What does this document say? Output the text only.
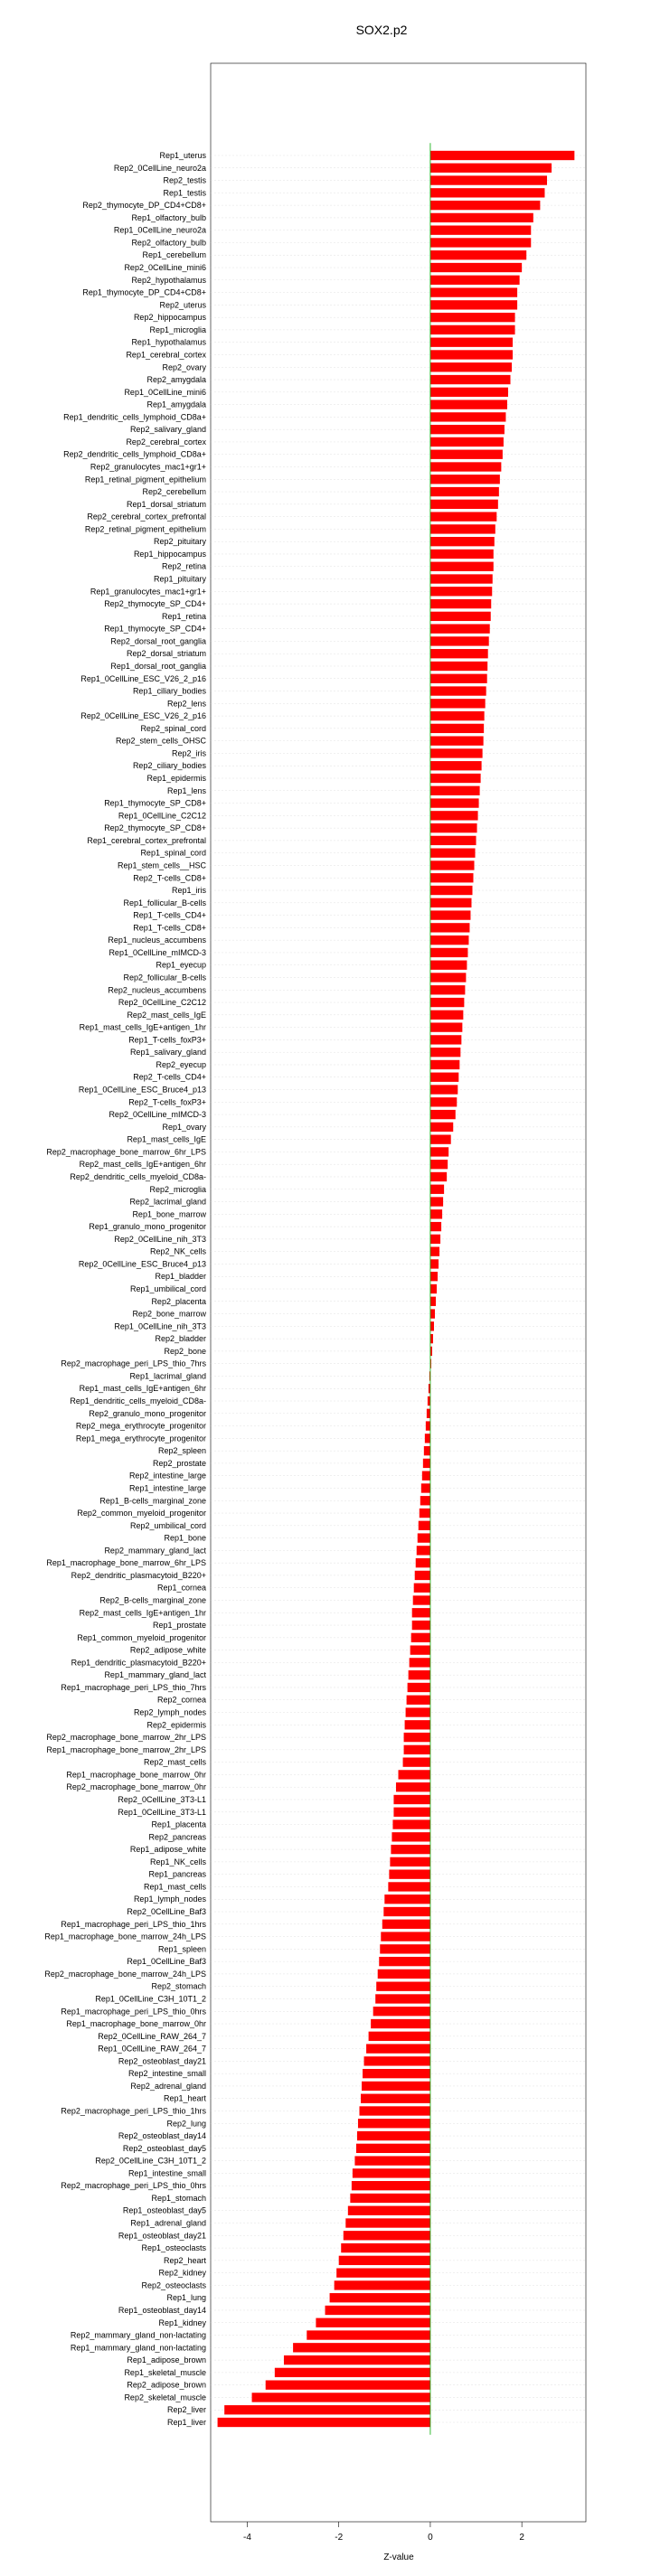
SOX2.p2
Rep1_uterus
Rep2_0CellLine_neuro2a
Rep2_testis
Rep1_testis
Rep2_thymocyte_DP_CD4+CD8+
Rep1_olfactory_bulb
Rep1_0CellLine_neuro2a
Rep2_olfactory_bulb
Rep1_cerebellum
Rep2_0CellLine_mini6
Rep2_hypothalamus
Rep1_thymocyte_DP_CD4+CD8+
Rep2_uterus
Rep2_hippocampus
Rep1_microglia
Rep1_hypothalamus
Rep1_cerebral_cortex
Rep2_ovary
Rep2_amygdala
Rep1_0CellLine_mini6
Rep1_amygdala
Rep1_dendritic_cells_lymphoid_CD8a+
Rep2_salivary_gland
Rep2_cerebral_cortex
Rep2_dendritic_cells_lymphoid_CD8a+
Rep2_granulocytes_mac1+gr1+
Rep1_retinal_pigment_epithelium
Rep2_cerebellum
Rep1_dorsal_striatum
Rep2_cerebral_cortex_prefrontal
Rep2_retinal_pigment_epithelium
Rep2_pituitary
Rep1_hippocampus
Rep2_retina
Rep1_pituitary
Rep1_granulocytes_mac1+gr1+
Rep2_thymocyte_SP_CD4+
Rep1_retina
Rep1_thymocyte_SP_CD4+
Rep2_dorsal_root_ganglia
Rep2_dorsal_striatum
Rep1_dorsal_root_ganglia
Rep1_0CellLine_ESC_V26_2_p16
Rep1_ciliary_bodies
Rep2_lens
Rep2_0CellLine_ESC_V26_2_p16
Rep2_spinal_cord
Rep2_stem_cells_OHSC
Rep2_iris
Rep2_ciliary_bodies
Rep1_epidermis
Rep1_lens
Rep1_thymocyte_SP_CD8+
Rep1_0CellLine_C2C12
Rep2_thymocyte_SP_CD8+
Rep1_cerebral_cortex_prefrontal
Rep1_spinal_cord
Rep1_stem_cells__HSC
Rep2_T-cells_CD8+
Rep1_iris
Rep1_follicular_B-cells
Rep1_T-cells_CD4+
Rep1_T-cells_CD8+
Rep1_nucleus_accumbens
Rep1_0CellLine_mIMCD-3
Rep1_eyecup
Rep2_follicular_B-cells
Rep2_nucleus_accumbens
Rep2_0CellLine_C2C12
Rep2_mast_cells_IgE
Rep1_mast_cells_IgE+antigen_1hr
Rep1_T-cells_foxP3+
Rep1_salivary_gland
Rep2_eyecup
Rep2_T-cells_CD4+
Rep1_0CellLine_ESC_Bruce4_p13
Rep2_T-cells_foxP3+
Rep2_0CellLine_mIMCD-3
Rep1_ovary
Rep1_mast_cells_IgE
Rep2_macrophage_bone_marrow_6hr_LPS
Rep2_mast_cells_IgE+antigen_6hr
Rep2_dendritic_cells_myeloid_CD8a-
Rep2_microglia
Rep2_lacrimal_gland
Rep1_bone_marrow
Rep1_granulo_mono_progenitor
Rep2_0CellLine_nih_3T3
Rep2_NK_cells
Rep2_0CellLine_ESC_Bruce4_p13
Rep1_bladder
Rep1_umbilical_cord
Rep2_placenta
Rep2_bone_marrow
Rep1_0CellLine_nih_3T3
Rep2_bladder
Rep2_bone
Rep2_macrophage_peri_LPS_thio_7hrs
Rep1_lacrimal_gland
Rep1_mast_cells_IgE+antigen_6hr
Rep1_dendritic_cells_myeloid_CD8a-
Rep2_granulo_mono_progenitor
Rep2_mega_erythrocyte_progenitor
Rep1_mega_erythrocyte_progenitor
Rep2_spleen
Rep2_prostate
Rep2_intestine_large
Rep1_intestine_large
Rep1_B-cells_marginal_zone
Rep2_common_myeloid_progenitor
Rep2_umbilical_cord
Rep1_bone
Rep2_mammary_gland_lact
Rep1_macrophage_bone_marrow_6hr_LPS
Rep2_dendritic_plasmacytoid_B220+
Rep1_cornea
Rep2_B-cells_marginal_zone
Rep2_mast_cells_IgE+antigen_1hr
Rep1_prostate
Rep1_common_myeloid_progenitor
Rep2_adipose_white
Rep1_dendritic_plasmacytoid_B220+
Rep1_mammary_gland_lact
Rep1_macrophage_peri_LPS_thio_7hrs
Rep2_cornea
Rep2_lymph_nodes
Rep2_epidermis
Rep2_macrophage_bone_marrow_2hr_LPS
Rep1_macrophage_bone_marrow_2hr_LPS
Rep2_mast_cells
Rep1_macrophage_bone_marrow_0hr
Rep2_macrophage_bone_marrow_0hr
Rep2_0CellLine_3T3-L1
Rep1_0CellLine_3T3-L1
Rep1_placenta
Rep2_pancreas
Rep1_adipose_white
Rep1_NK_cells
Rep1_pancreas
Rep1_mast_cells
Rep1_lymph_nodes
Rep2_0CellLine_Baf3
Rep1_macrophage_peri_LPS_thio_1hrs
Rep1_macrophage_bone_marrow_24h_LPS
Rep1_spleen
Rep1_0CellLine_Baf3
Rep2_macrophage_bone_marrow_24h_LPS
Rep2_stomach
Rep1_0CellLine_C3H_10T1_2
Rep1_macrophage_peri_LPS_thio_0hrs
Rep1_macrophage_bone_marrow_0hr
Rep2_0CellLine_RAW_264_7
Rep1_0CellLine_RAW_264_7
Rep2_osteoblast_day21
Rep2_intestine_small
Rep2_adrenal_gland
Rep1_heart
Rep2_macrophage_peri_LPS_thio_1hrs
Rep2_lung
Rep2_osteoblast_day14
Rep2_osteoblast_day5
Rep2_0CellLine_C3H_10T1_2
Rep1_intestine_small
Rep2_macrophage_peri_LPS_thio_0hrs
Rep1_stomach
Rep1_osteoblast_day5
Rep1_adrenal_gland
Rep1_osteoblast_day21
Rep1_osteoclasts
Rep2_heart
Rep2_kidney
Rep2_osteoclasts
Rep1_lung
Rep1_osteoblast_day14
Rep1_kidney
Rep2_mammary_gland_non-lactating
Rep1_mammary_gland_non-lactating
Rep1_adipose_brown
Rep1_skeletal_muscle
Rep2_adipose_brown
Rep2_skeletal_muscle
Rep2_liver
Rep1_liver
-4	-2	0	2
Z-value
